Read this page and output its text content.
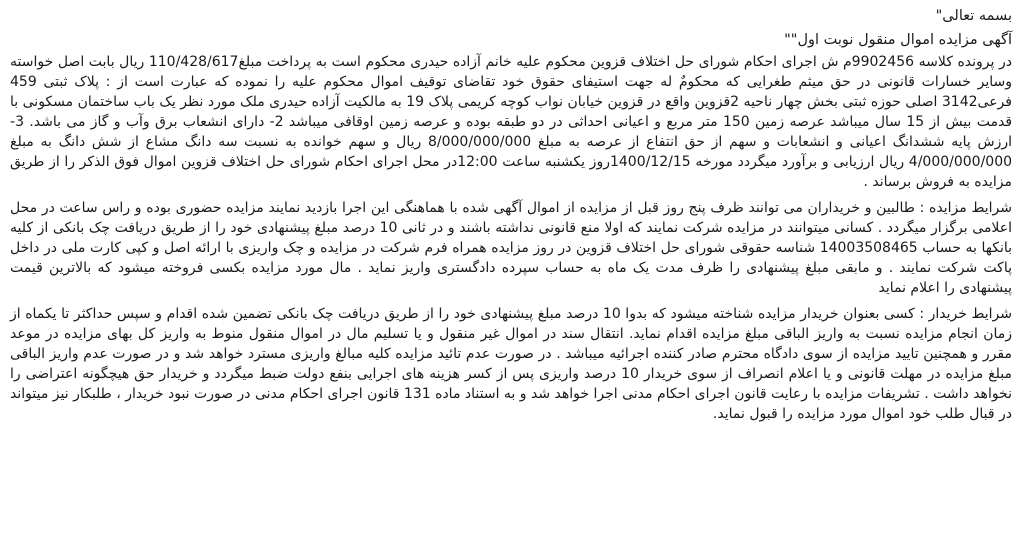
بسمه تعالی"

آگهی مزایده اموال منقول نوبت اول""

در پرونده کلاسه 9902456م ش اجرای احکام شورای حل اختلاف قزوین محکوم علیه خانم آزاده حیدری محکوم است به پرداخت مبلغ110/428/617 ریال بابت اصل خواسته وسایر خسارات قانونی در حق میثم طغرایی که محکومٌ له جهت استیفای حقوق خود تقاضای توقیف اموال محکوم علیه را نموده که عبارت است از : پلاک ثبتی 459 فرعی3142 اصلی حوزه ثبتی بخش چهار ناحیه 2قزوین واقع در قزوین خیابان نواب کوچه کریمی پلاک 19 به مالکیت آزاده حیدری ملک مورد نظر یک باب ساختمان مسکونی با قدمت بیش از 15 سال میباشد عرصه زمین 150 متر مربع و اعیانی احداثی در دو طبقه بوده و عرصه زمین اوقافی میباشد 2- دارای انشعاب برق وآب و گاز می باشد. 3- ارزش پایه ششدانگ اعیانی و انشعابات و سهم از حق انتفاع از عرصه به مبلغ 8/000/000/000 ریال و سهم خوانده به نسبت سه دانگ مشاع از شش دانگ به مبلغ 4/000/000/000 ریال ارزیابی و برآورد میگردد مورخه 1400/12/15روز یکشنبه ساعت 12:00در محل اجرای احکام شورای حل اختلاف قزوین اموال فوق الذکر را از طریق مزایده به فروش برساند .

شرایط مزایده : طالبین و خریداران می توانند ظرف پنج روز قبل از مزایده از اموال آگهی شده با هماهنگی این اجرا بازدید نمایند مزایده حضوری بوده و راس ساعت در محل اعلامی برگزار میگردد . کسانی میتوانند در مزایده شرکت نمایند که اولا منع قانونی نداشته باشند و در ثانی 10 درصد مبلغ پیشنهادی خود را از طریق دریافت چک بانکی از کلیه بانکها به حساب 14003508465 شناسه حقوقی شورای حل اختلاف قزوین در روز مزایده همراه فرم شرکت در مزایده و چک واریزی با ارائه اصل و کپی کارت ملی در داخل پاکت شرکت نمایند . و مابقی مبلغ پیشنهادی را ظرف مدت یک ماه به حساب سپرده دادگستری واریز نماید . مال مورد مزایده بکسی فروخته میشود که بالاترین قیمت پیشنهادی را اعلام نماید

شرایط خریدار : کسی بعنوان خریدار مزایده شناخته میشود که بدوا 10 درصد مبلغ پیشنهادی خود را از طریق دریافت چک بانکی تضمین شده اقدام و سپس حداکثر تا یکماه از زمان انجام مزایده نسبت به واریز الباقی مبلغ مزایده اقدام نماید. انتقال سند در اموال غیر منقول و یا تسلیم مال در اموال منقول منوط به واریز کل بهای مزایده در موعد مقرر و همچنین تایید مزایده از سوی دادگاه محترم صادر کننده اجرائیه میباشد . در صورت عدم تائید مزایده کلیه مبالغ واریزی مسترد خواهد شد و در صورت عدم واریز الباقی مبلغ مزایده در مهلت قانونی و یا اعلام انصراف از سوی خریدار 10 درصد واریزی پس از کسر هزینه های اجرایی بنفع دولت ضبط میگردد و خریدار حق هیچگونه اعتراضی را نخواهد داشت . تشریفات مزایده با رعایت قانون اجرای احکام مدنی اجرا خواهد شد و به استناد ماده 131 قانون اجرای احکام مدنی در صورت نبود خریدار ، طلبکار نیز میتواند در قبال طلب خود اموال مورد مزایده را قبول نماید.
